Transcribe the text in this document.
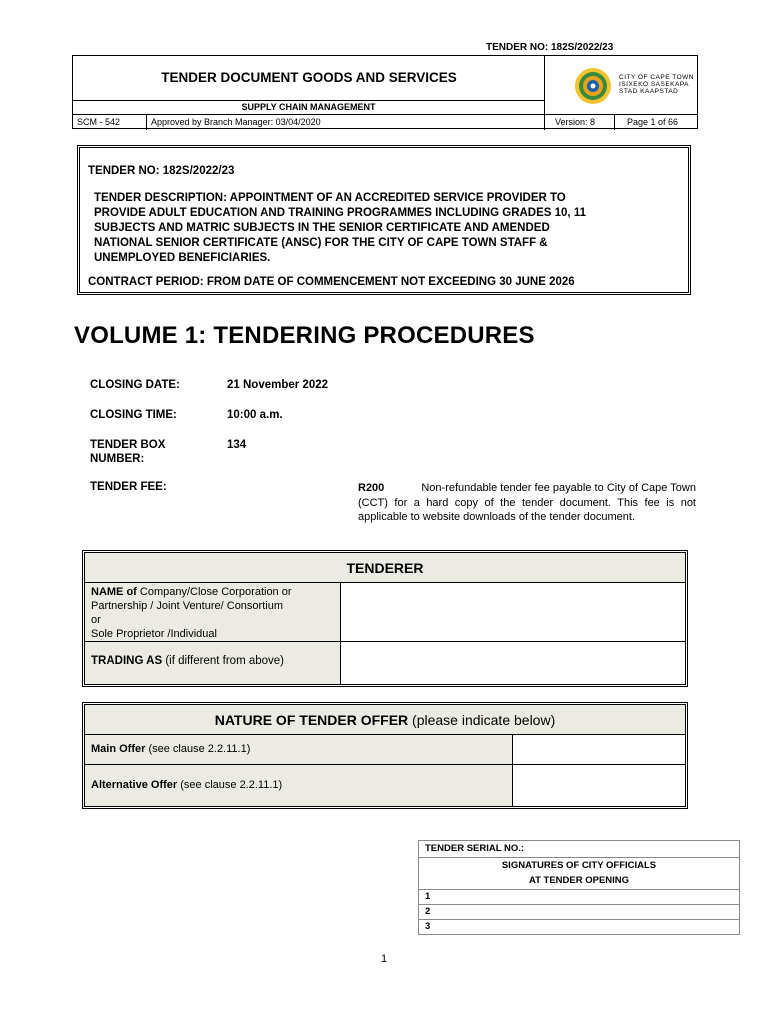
TENDER NO: 182S/2022/23
TENDER DOCUMENT GOODS AND SERVICES
SUPPLY CHAIN MANAGEMENT
CITY OF CAPE TOWN
ISIXEKO SASEKAPA
STAD KAAPSTAD
SCM - 542	Approved by Branch Manager: 03/04/2020	Version: 8	Page 1 of 66

TENDER NO: 182S/2022/23

TENDER DESCRIPTION: APPOINTMENT OF AN ACCREDITED SERVICE PROVIDER TO

PROVIDE ADULT EDUCATION AND TRAINING PROGRAMMES INCLUDING GRADES 10, 11

SUBJECTS AND MATRIC SUBJECTS IN THE SENIOR CERTIFICATE AND AMENDED

NATIONAL SENIOR CERTIFICATE (ANSC) FOR THE CITY OF CAPE TOWN STAFF &

UNEMPLOYED BENEFICIARIES.

CONTRACT PERIOD: FROM DATE OF COMMENCEMENT NOT EXCEEDING 30 JUNE 2026

VOLUME 1: TENDERING PROCEDURES
CLOSING DATE:	21 November 2022
CLOSING TIME:	10:00 a.m.
TENDER BOX
NUMBER:
134
TENDER FEE:	R200	Non-refundable tender fee payable to City of Cape Town (CCT) for a hard copy of the tender document. This fee is not applicable to website downloads of the tender document.
TENDERER
NAME of Company/Close Corporation or
Partnership / Joint Venture/ Consortium
or
Sole Proprietor /Individual
TRADING AS (if different from above)
NATURE OF TENDER OFFER (please indicate below)
Main Offer (see clause 2.2.11.1)
Alternative Offer (see clause 2.2.11.1)
TENDER SERIAL NO.:
SIGNATURES OF CITY OFFICIALS
AT TENDER OPENING
1
2
3
1
